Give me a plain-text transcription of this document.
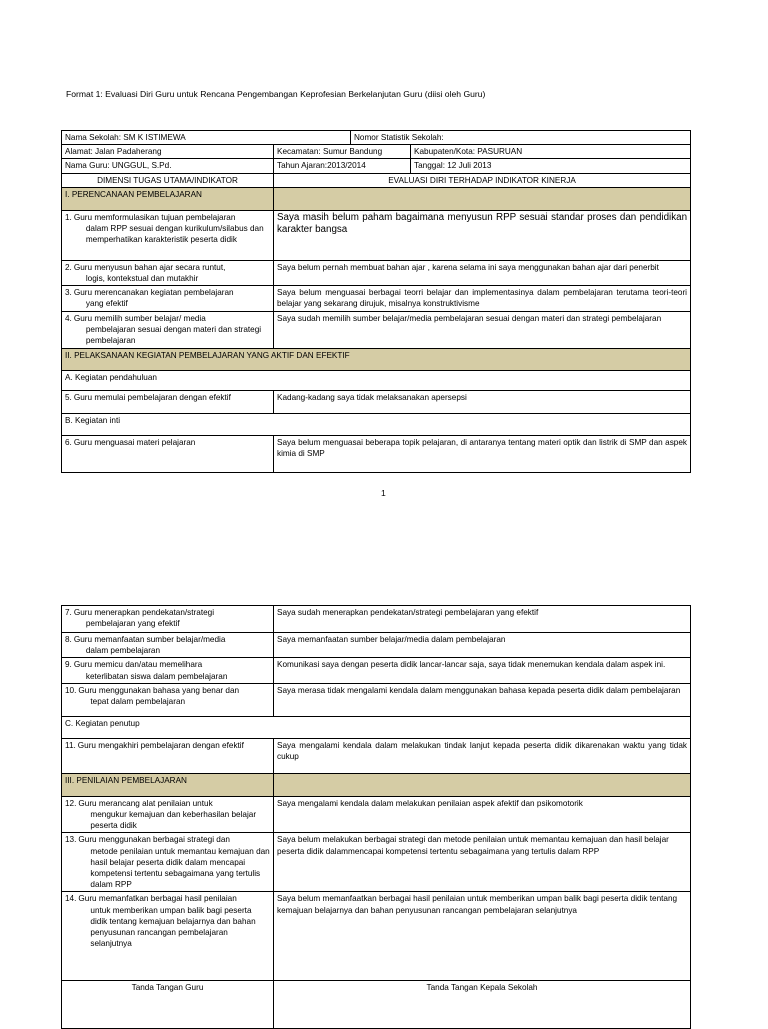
Format 1: Evaluasi Diri Guru untuk Rencana Pengembangan Keprofesian Berkelanjutan Guru (diisi oleh Guru)
Nama Sekolah: SM K ISTIMEWA		Nomor Statistik Sekolah:	
Alamat: Jalan Padaherang	Kecamatan: Sumur Bandung		Kabupaten/Kota: PASURUAN
Nama Guru: UNGGUL, S.Pd.	Tahun Ajaran:2013/2014		Tanggal: 12 Juli 2013
DIMENSI TUGAS UTAMA/INDIKATOR	EVALUASI DIRI TERHADAP INDIKATOR KINERJA		
I. PERENCANAAN PEMBELAJARAN			

1. Guru memformulasikan tujuan pembelajaran
dalam RPP sesuai dengan kurikulum/silabus dan memperhatikan karakteristik peserta didik	Saya masih belum paham bagaimana menyusun RPP sesuai standar proses dan pendidikan karakter bangsa		

2. Guru menyusun bahan ajar secara runtut,
logis, kontekstual dan mutakhir	Saya belum pernah membuat bahan ajar , karena selama ini saya menggunakan bahan ajar dari penerbit		

3. Guru merencanakan kegiatan pembelajaran
yang efektif	Saya belum menguasai berbagai teorri belajar dan implementasinya dalam pembelajaran terutama teori-teori belajar yang sekarang dirujuk, misalnya konstruktivisme		

4. Guru memilih sumber belajar/ media
pembelajaran sesuai dengan materi dan strategi pembelajaran	Saya sudah memilih sumber belajar/media pembelajaran sesuai dengan materi dan strategi pembelajaran		
II. PELAKSANAAN KEGIATAN PEMBELAJARAN YANG AKTIF DAN EFEKTIF			
A. Kegiatan pendahuluan			

5. Guru memulai pembelajaran dengan efektif	Kadang-kadang saya tidak melaksanakan apersepsi		
B. Kegiatan inti			

6. Guru menguasai materi pelajaran	Saya belum menguasai beberapa topik pelajaran, di antaranya tentang materi optik dan listrik di SMP dan aspek kimia di SMP		
1
7. Guru menerapkan pendekatan/strategi
pembelajaran yang efektif	Saya sudah menerapkan pendekatan/strategi pembelajaran yang efektif

8. Guru memanfaatan sumber belajar/media
dalam pembelajaran	Saya memanfaatan sumber belajar/media dalam pembelajaran

9. Guru memicu dan/atau memelihara
keterlibatan siswa dalam pembelajaran	Komunikasi saya dengan peserta didik lancar-lancar saja, saya tidak menemukan kendala dalam aspek ini.

10. Guru menggunakan bahasa yang benar dan
tepat dalam pembelajaran	Saya merasa tidak mengalami kendala dalam menggunakan bahasa kepada peserta didik dalam pembelajaran
C. Kegiatan penutup	

11. Guru mengakhiri pembelajaran dengan efektif	Saya mengalami kendala dalam melakukan tindak lanjut kepada peserta didik dikarenakan waktu yang tidak cukup
III. PENILAIAN PEMBELAJARAN	

12. Guru merancang alat penilaian untuk
mengukur kemajuan dan keberhasilan belajar peserta didik	Saya mengalami kendala dalam melakukan penilaian aspek afektif dan psikomotorik

13. Guru menggunakan berbagai strategi dan
metode penilaian untuk memantau kemajuan dan hasil belajar peserta didik dalam mencapai kompetensi tertentu sebagaimana yang tertulis dalam RPP	Saya belum melakukan berbagai strategi dan metode penilaian untuk memantau kemajuan dan hasil belajar peserta didik dalammencapai kompetensi tertentu sebagaimana yang tertulis dalam RPP

14. Guru memanfatkan berbagai hasil penilaian
untuk memberikan umpan balik bagi peserta didik tentang kemajuan belajarnya dan bahan penyusunan rancangan pembelajaran selanjutnya	Saya belum memanfaatkan berbagai hasil penilaian untuk memberikan umpan balik bagi peserta didik tentang kemajuan belajarnya dan bahan penyusunan rancangan pembelajaran selanjutnya
Tanda Tangan Guru	Tanda Tangan Kepala Sekolah
